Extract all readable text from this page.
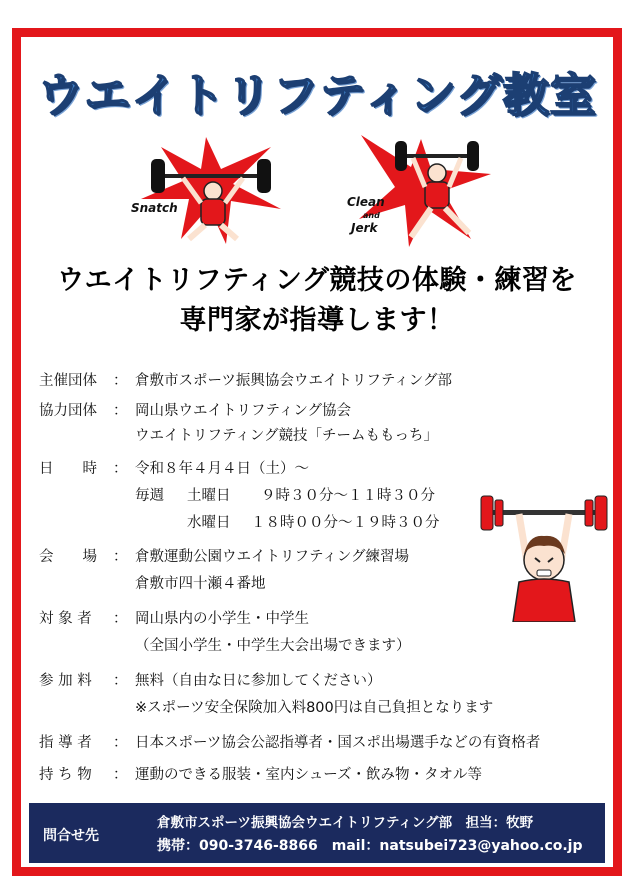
ウエイトリフティング教室
Snatch	Clean
and
Jerk
ウエイトリフティング競技の体験・練習を
専門家が指導します！
主催団体	： 倉敷市スポーツ振興協会ウエイトリフティング部
協力団体	： 岡山県ウエイトリフティング協会
ウエイトリフティング競技「チームももっち」
日　　時	： 令和８年４月４日（土）～
毎週 土曜日 ９時３０分～１１時３０分
水曜日 １８時００分～１９時３０分
会　　場	： 倉敷運動公園ウエイトリフティング練習場
倉敷市四十瀬４番地
対 象 者	： 岡山県内の小学生・中学生
（全国小学生・中学生大会出場できます）
参 加 料	： 無料（自由な日に参加してください）
※スポーツ安全保険加入料800円は自己負担となります
指 導 者	： 日本スポーツ協会公認指導者・国スポ出場選手などの有資格者
持 ち 物	： 運動のできる服装・室内シューズ・飲み物・タオル等
問合せ先
倉敷市スポーツ振興協会ウエイトリフティング部　担当：牧野
携帯：090-3746-8866　mail：natsubei723@yahoo.co.jp
